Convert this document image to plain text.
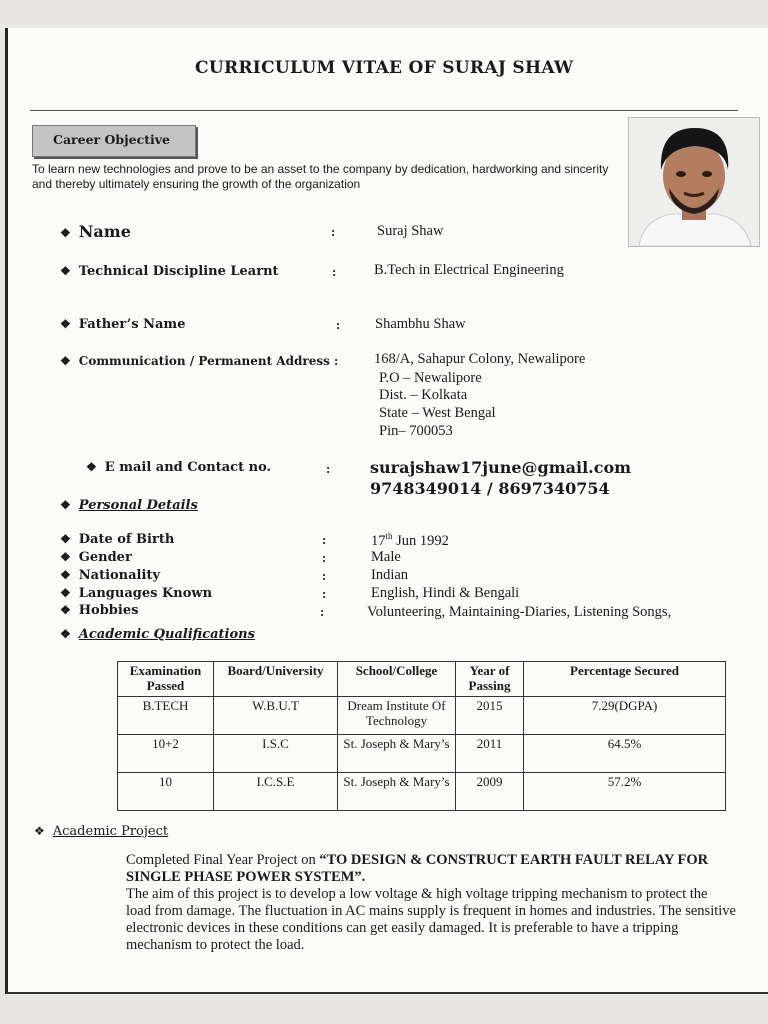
CURRICULUM VITAE OF SURAJ SHAW
Career Objective
To learn new technologies and prove to be an asset to the company by dedication, hardworking and sincerity and thereby ultimately ensuring the growth of the organization
❖ Name	:	Suraj Shaw
❖ Technical Discipline Learnt	:	B.Tech in Electrical Engineering
❖ Father’s Name	: Shambhu Shaw
❖ Communication / Permanent Address : 168/A, Sahapur Colony, Newalipore
P.O – Newalipore
Dist. – Kolkata
State – West Bengal
Pin– 700053
❖ E mail and Contact no.	: surajshaw17june@gmail.com
9748349014 / 8697340754
❖ Personal Details
❖ Date of Birth	:	17th Jun 1992
❖ Gender	:	Male
❖ Nationality	:	Indian
❖ Languages Known	:	English, Hindi & Bengali
❖ Hobbies	:	Volunteering, Maintaining-Diaries, Listening Songs,
❖ Academic Qualifications
Examination Passed	Board/University	School/College	Year of Passing	Percentage Secured
B.TECH	W.B.U.T	Dream Institute Of Technology	2015	7.29(DGPA)
10+2	I.S.C	St. Joseph & Mary’s	2011	64.5%
10	I.C.S.E	St. Joseph & Mary’s	2009	57.2%
❖ Academic Project
Completed Final Year Project on “TO DESIGN & CONSTRUCT EARTH FAULT RELAY FOR SINGLE PHASE POWER SYSTEM”.
The aim of this project is to develop a low voltage & high voltage tripping mechanism to protect the load from damage. The fluctuation in AC mains supply is frequent in homes and industries. The sensitive electronic devices in these conditions can get easily damaged. It is preferable to have a tripping mechanism to protect the load.
